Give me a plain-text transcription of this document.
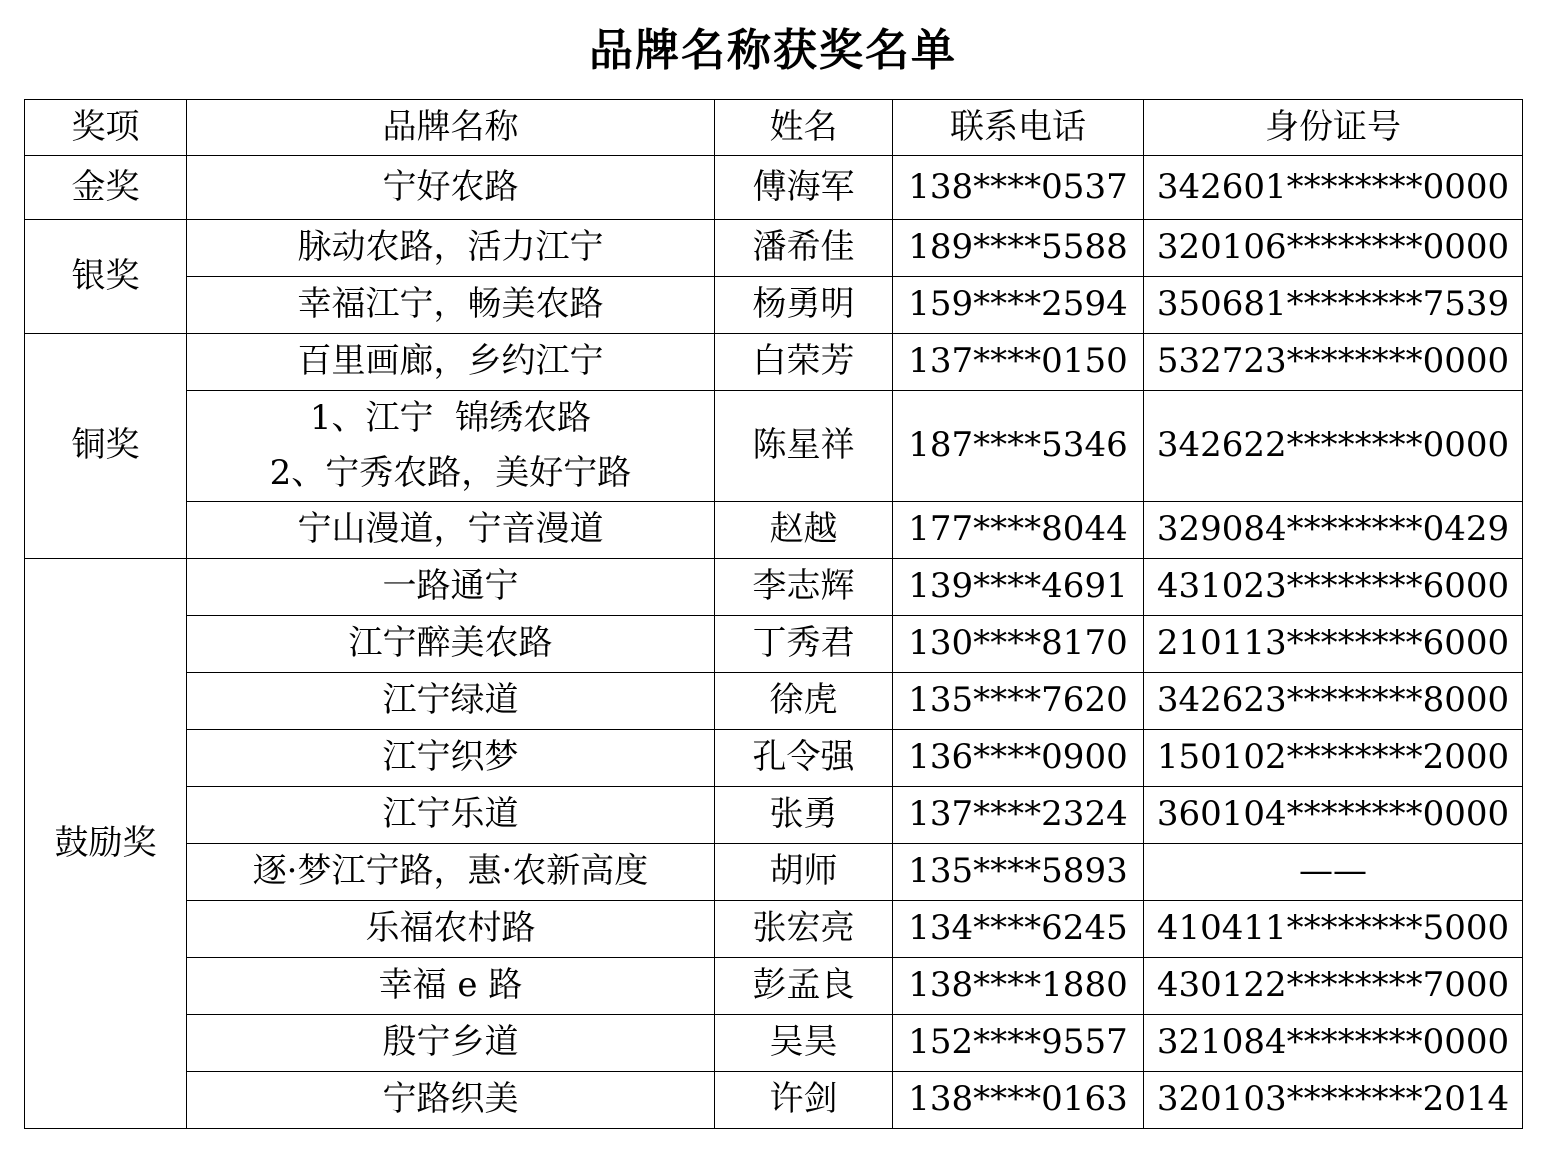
品牌名称获奖名单
奖项	品牌名称	姓名	联系电话	身份证号
金奖	宁好农路	傅海军	138****0537	342601********0000
银奖	脉动农路，活力江宁	潘希佳	189****5588	320106********0000

	幸福江宁，畅美农路	杨勇明	159****2594	350681********7539
铜奖	百里画廊，乡约江宁	白荣芳	137****0150	532723********0000

	1、江宁  锦绣农路
2、宁秀农路，美好宁路	陈星祥	187****5346	342622********0000

	宁山漫道，宁音漫道	赵越	177****8044	329084********0429
鼓励奖	一路通宁	李志辉	139****4691	431023********6000

	江宁醉美农路	丁秀君	130****8170	210113********6000

	江宁绿道	徐虎	135****7620	342623********8000

	江宁织梦	孔令强	136****0900	150102********2000

	江宁乐道	张勇	137****2324	360104********0000

	逐·梦江宁路，惠·农新高度	胡师	135****5893	——

	乐福农村路	张宏亮	134****6245	410411********5000

	幸福 e 路	彭孟良	138****1880	430122********7000

	殷宁乡道	吴昊	152****9557	321084********0000

	宁路织美	许剑	138****0163	320103********2014
